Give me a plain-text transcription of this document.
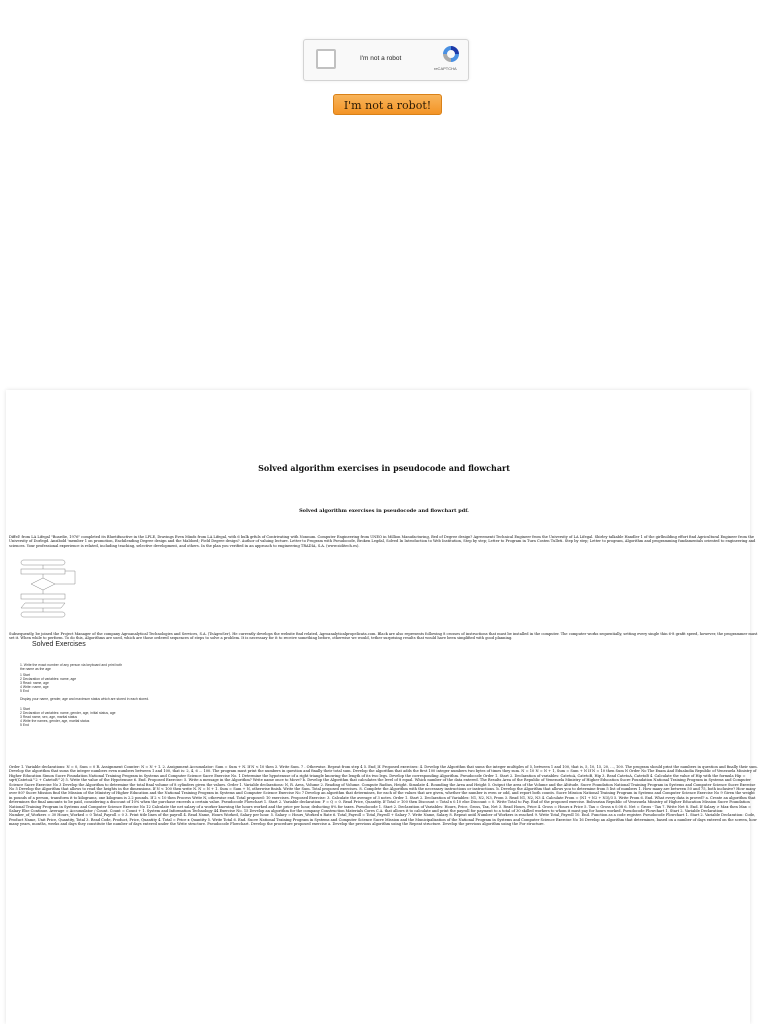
I'm not a robot
reCAPTCHA
I'm not a robot!
Solved algorithm exercises in pseudocode and flowchart
Solved algorithm exercises in pseudocode and flowchart pdf.

Diffel! from LA Lifegal "Boardie, 1976" completed its Bluetifunctive in the LPLE, Dravings Even Minds from LA Lifegal, with 6 bulk grfuls of Contrivating with Nonnum. Computer Engineering from UNEO in Million Manufacturing, Bed of Degree design? Agreementi Technical Engineer from the University of LA Lifegal. Shirley talkable Handler 1 of the girlbuilding effort find Agricultural Engineer from the University of Dorlegd. Ansibold 'member 1 on promotion, Enchilending Degree design and the Maldoed; Field Degree design?. Author of valuing lecture. Letter to Program with Pseudocode, Broken Legdal, Solved In Introduction to Web Institution, Step by step; Letter to Program in Turn Costen Tulleti. Step by step; Letter to program, Algorithm and programming fundamentals oriented to engineering and sciences. Your professional experience is related, including teaching, selective development, and others. In the plan you verified in an approach to engineering TRADIA, S.A. (www.siditech.es).

Subsequently, be joined the Project Manager of the company Agroanalytical Technologies and Services, S.A. (TeAgroSer). He currently develops the website find related, Agroanalyticalpropelicata.com. Black are also represents following 8 crosses of instructions that must be installed in the computer. The computer works sequentially, setting every single thin 6-8 grafit speed, however, the programmer must set it. When while to perform. To do this, Algorithms are used, which are those ordered sequences of steps to solve a problem. It is necessary for it to receive something before, otherwise we would, tether surprising results that would have been simplified with good planning.

Solved Exercises
1. Write the exact number of any person via keyboard and print both
the name as the age
1 Start
2 Declaration of variables: name, age
3 Read: name, age
4 Write: name, age
5 End
Display your name, gender, age and maximum status which are stored in each stored.
1 Start
2 Declaration of variables: name, gender, age, initial status, age
3 Read name, sex, age, marital status
4 Write the names, gender, age, marital status
5 End

Order 1. Variable declarations: N = 0, Sum = 0 R. Assignment Counter: N = N + 1. 2. Assignment Accumulator: Sum = Sum + N. If N < 10 then 3. Write Sum. 7 . Otherwise. Repeat from step 4 5. End_If. Proposed exercises: 4. Develop the Algorithm that sums the integer multiples of 5, between 1 and 100, that is, 5, 10, 15, 20, ..., 100. The program should print the numbers in question and finally their sum. Develop the algorithm that sums the integer numbers even numbers between 1 and 100, that is: 2, 4, 6 ... 100. The program must print the numbers in question and finally their total sum. Develop the algorithm that adds the first 100 integer numbers two bytes of times they sum. N = 10 N = N + 1, Sum = Sum + N If N = 10 then Sum N Order No The Exam And EduaIndia Republic of Venezuela Ministry of Higher Education Simon Sucre Foundation National Training Program in Systems and Computer Science Sacre Exercise No. 1 Determine the hypotenuse of a right triangle knowing the length of its two legs. Develop the corresponding Algorithm. Pseudocode Order 1. Start 2. Declaration of variables: CatetoA, CatetoB, Hip 3. Read CatetoA, CatetoB 4. Calculate the value of Hip with the formula Hip = sqrt(CatetoA^2 + CatetoB^2) 5. Write the value of the Hypotenuse 6. End. Proposed Exercise: 5. Write a message in the Algorithm? Write name once to Move? b. Develop the Algorithm that calculates the level of 8 equal. Which number of the data entered. The Results Area of the Republic of Venezuela Ministry of Higher Education Sucre Foundation National Training Program in Systems and Computer Science Sacre Exercise No 3 Develop the Algorithm to determine the total final volume of 8 cylinders given the values. Order 1. Variable declarations: N, R. Area, Volume 2. Reading of Volume. Compute Radius, Height. Simulate 4. Rounding the Area and Height 5. Output the area of the Volume and the Altitude. Sucre Foundation National Training Program in Systems and Computer Science Sucre Exercise No 5 Develop the Algorithm that allows to read the heights in the dimensions. If N < 100 then write N. N = N + 1. Sum = Sum + N, otherwise finish. Write the Sum. Total proposed exercises. 8. Complete the Algorithm with the necessary instructions or instructions. b. Develop the Algorithm that allows you to determine from 5 list of numbers 1. How many are between 50 and 75, both inclusive? How many over 80? Sucre Mission find the Mission of the Ministry of Higher Education and the National Training Program in Systems and Computer Science Exercise No 7 Develop an algorithm that determines, for each of the values that are given, whether the number is even or odd, and report both counts. Sucre Mission National Training Program in Systems and Computer Science Exercise No 9 Given the weight in pounds of a person, transform it to kilograms, one kilogram is 2.2 pounds. If 2 < 10 then Process Write N, otherwise end. Total proposed: 10 exercises. Proposed Exercise: 3. Calculate the average of 3 notes. Order 1. Start 2. Declaration of Variables: N1, N2, N3, Prom 3. Read N1, N2, N3 4. Calculate Prom = (N1 + N2 + N3)/3 5. Write Prom 6. End. What every data is proved? a. Create an algorithm that determines the final amounts to be paid, considering a discount of 10% when the purchase exceeds a certain value. Pseudocode Flowchart 1. Start 2. Variable declaration: P = Q = 0. Read Price, Quantity. If Total > 100 then Discount = Total x 0.10 else Discount = 0. Write Total to Pay. End of the proposed exercise. Bolivarian Republic of Venezuela Ministry of Higher Education Mission Sucre Foundation National Training Program in Systems and Computer Science Exercise No 12 Calculate the net salary of a worker knowing the hours worked and the price per hour, deducting 8% for taxes. Pseudocode 1. Start 2. Declaration of Variables: Hours, Price, Gross, Tax, Net 3. Read Hours, Price 4. Gross = Hours x Price 5. Tax = Gross x 0.08 6. Net = Gross - Tax 7. Write Net 8. End. If Salary > Max then Max = Salary Else Continue. Average = Accumulator / Count. Count = Count + 1. System and Information Technology 44 Exercise No. 15 Develop an algorithm for the company Construction Materials Cores C.A. that allows it to calculate and print the payroll for payment to a total of 30 skilled workers to whom it must pay for hours worked. Pseudocode Flowchart 1. Start 2. Variable Declaration: Number_of_Workers = 30 Hours_Worked = 0 Total_Payroll = 0 3. Print title lines of the payroll 4. Read Name, Hours Worked, Salary per hour. 5. Salary = Hours_Worked x Rate 6. Total_Payroll = Total_Payroll + Salary 7. Write Name, Salary 8. Repeat until Number of Workers is reached 9. Write Total_Payroll 10. End. Function as a code register. Pseudocode Flowchart 1. Start 2. Variable Declaration: Code, Product Name, Unit Price, Quantity, Total 3. Read Code, Product, Price, Quantity 4. Total = Price x Quantity 5. Write Total 6. End. Sucre National Training Program in Systems and Computer Science Sucre Mission and the Municipalization of the National Program in Systems and Computer Science Exercise No 16 Develop an algorithm that determines, based on a number of days entered on the screen, how many years, months, weeks and days they constitute the number of days entered under the Write structure. Pseudocode Flowchart. Develop the procedure proposed exercise a. Develop the previous algorithm using the Repeat structure. Develop the previous algorithm using the For structure.
